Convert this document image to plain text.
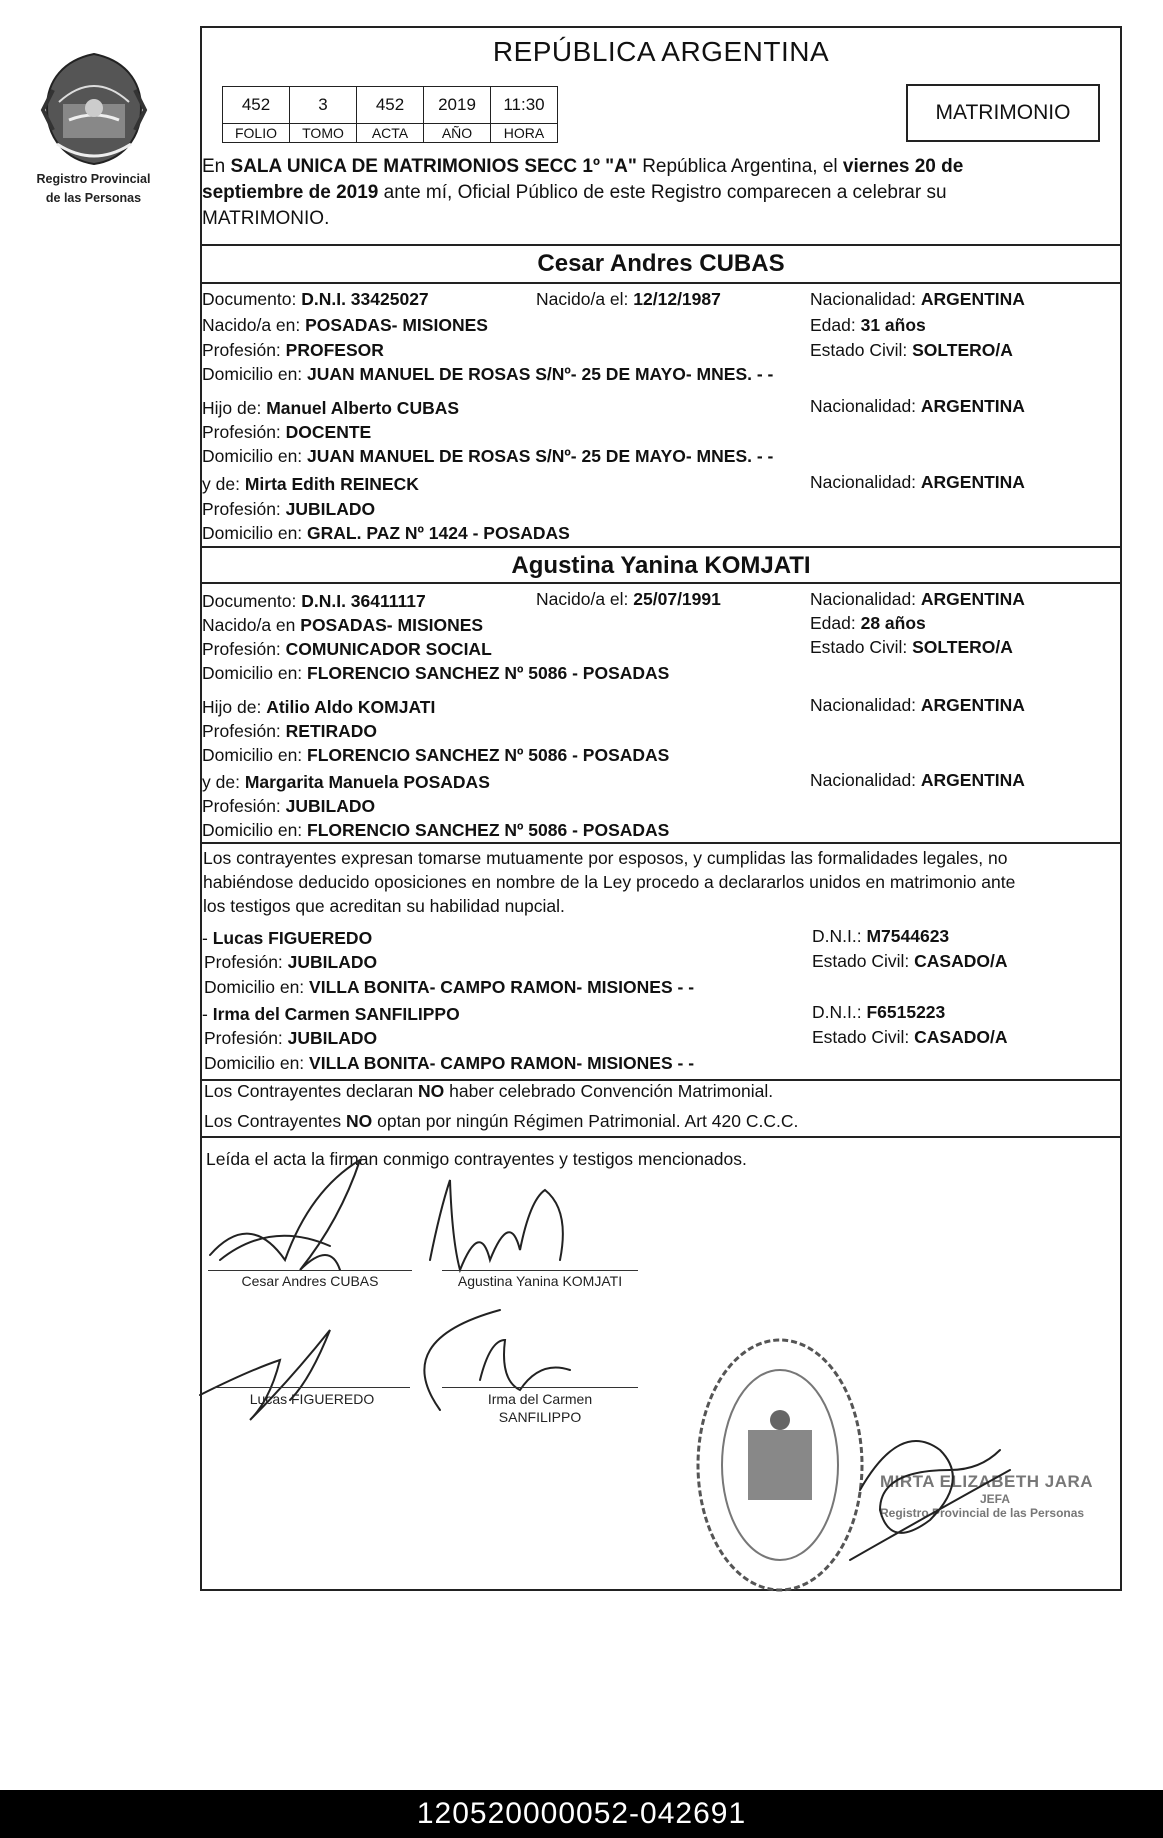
Registro Provincial
de las Personas
REPÚBLICA ARGENTINA
452	3	452	2019	11:30
FOLIO	TOMO	ACTA	AÑO	HORA
MATRIMONIO
En SALA UNICA DE MATRIMONIOS SECC 1º "A" República Argentina, el viernes 20 de
septiembre de 2019 ante mí, Oficial Público de este Registro comparecen a celebrar su
MATRIMONIO.
Cesar Andres CUBAS
Documento: D.N.I. 33425027	Nacido/a el: 12/12/1987	Nacionalidad: ARGENTINA
Nacido/a en: POSADAS- MISIONES	Edad: 31 años
Profesión: PROFESOR	Estado Civil: SOLTERO/A
Domicilio en: JUAN MANUEL DE ROSAS S/Nº- 25 DE MAYO- MNES. - -
Hijo de: Manuel Alberto CUBAS	Nacionalidad: ARGENTINA
Profesión: DOCENTE
Domicilio en: JUAN MANUEL DE ROSAS S/Nº- 25 DE MAYO- MNES. - -
y de: Mirta Edith REINECK	Nacionalidad: ARGENTINA
Profesión: JUBILADO
Domicilio en: GRAL. PAZ Nº 1424 - POSADAS
Agustina Yanina KOMJATI
Documento: D.N.I. 36411117	Nacido/a el: 25/07/1991	Nacionalidad: ARGENTINA
Nacido/a en POSADAS- MISIONES	Edad: 28 años
Profesión: COMUNICADOR SOCIAL	Estado Civil: SOLTERO/A
Domicilio en: FLORENCIO SANCHEZ Nº 5086 - POSADAS
Hijo de: Atilio Aldo KOMJATI	Nacionalidad: ARGENTINA
Profesión: RETIRADO
Domicilio en: FLORENCIO SANCHEZ Nº 5086 - POSADAS
y de: Margarita Manuela POSADAS	Nacionalidad: ARGENTINA
Profesión: JUBILADO
Domicilio en: FLORENCIO SANCHEZ Nº 5086 - POSADAS
Los contrayentes expresan tomarse mutuamente por esposos, y cumplidas las formalidades legales, no
habiéndose deducido oposiciones en nombre de la Ley procedo a declararlos unidos en matrimonio ante
los testigos que acreditan su habilidad nupcial.
- Lucas FIGUEREDO	D.N.I.: M7544623
Profesión: JUBILADO	Estado Civil: CASADO/A
Domicilio en: VILLA BONITA- CAMPO RAMON- MISIONES - -
- Irma del Carmen SANFILIPPO	D.N.I.: F6515223
Profesión: JUBILADO	Estado Civil: CASADO/A
Domicilio en: VILLA BONITA- CAMPO RAMON- MISIONES - -
Los Contrayentes declaran NO haber celebrado Convención Matrimonial.
Los Contrayentes NO optan por ningún Régimen Patrimonial. Art 420 C.C.C.
Leída el acta la firman conmigo contrayentes y testigos mencionados.
Cesar Andres CUBAS	Agustina Yanina KOMJATI
Lucas FIGUEREDO	Irma del Carmen
SANFILIPPO
MIRTA ELIZABETH JARA
JEFA
Registro Provincial de las Personas
120520000052-042691
